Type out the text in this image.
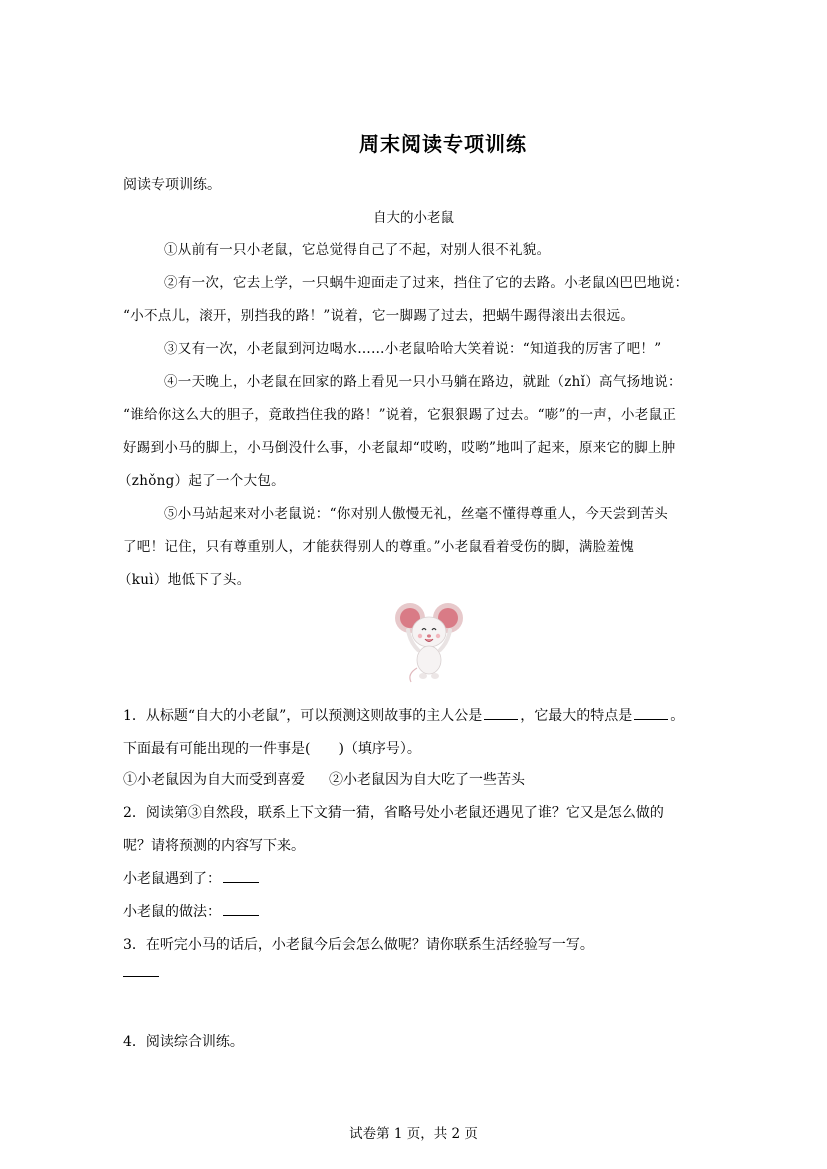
周末阅读专项训练
阅读专项训练。
自大的小老鼠
①从前有一只小老鼠，它总觉得自己了不起，对别人很不礼貌。
②有一次，它去上学，一只蜗牛迎面走了过来，挡住了它的去路。小老鼠凶巴巴地说：
“小不点儿，滚开，别挡我的路！”说着，它一脚踢了过去，把蜗牛踢得滚出去很远。
③又有一次，小老鼠到河边喝水……小老鼠哈哈大笑着说：“知道我的厉害了吧！”
④一天晚上，小老鼠在回家的路上看见一只小马躺在路边，就趾（zhǐ）高气扬地说：
“谁给你这么大的胆子，竟敢挡住我的路！”说着，它狠狠踢了过去。“嘭”的一声，小老鼠正
好踢到小马的脚上，小马倒没什么事，小老鼠却“哎哟，哎哟”地叫了起来，原来它的脚上肿
（zhǒng）起了一个大包。
⑤小马站起来对小老鼠说：“你对别人傲慢无礼，丝毫不懂得尊重人，今天尝到苦头
了吧！记住，只有尊重别人，才能获得别人的尊重。”小老鼠看着受伤的脚，满脸羞愧
（kuì）地低下了头。
1．从标题“自大的小老鼠”，可以预测这则故事的主人公是	，它最大的特点是	。
下面最有可能出现的一件事是(　　)（填序号）。
①小老鼠因为自大而受到喜爱 ②小老鼠因为自大吃了一些苦头
2．阅读第③自然段，联系上下文猜一猜，省略号处小老鼠还遇见了谁？它又是怎么做的
呢？请将预测的内容写下来。
小老鼠遇到了：
小老鼠的做法：
3．在听完小马的话后，小老鼠今后会怎么做呢？请你联系生活经验写一写。
4．阅读综合训练。
试卷第 1 页，共 2 页
